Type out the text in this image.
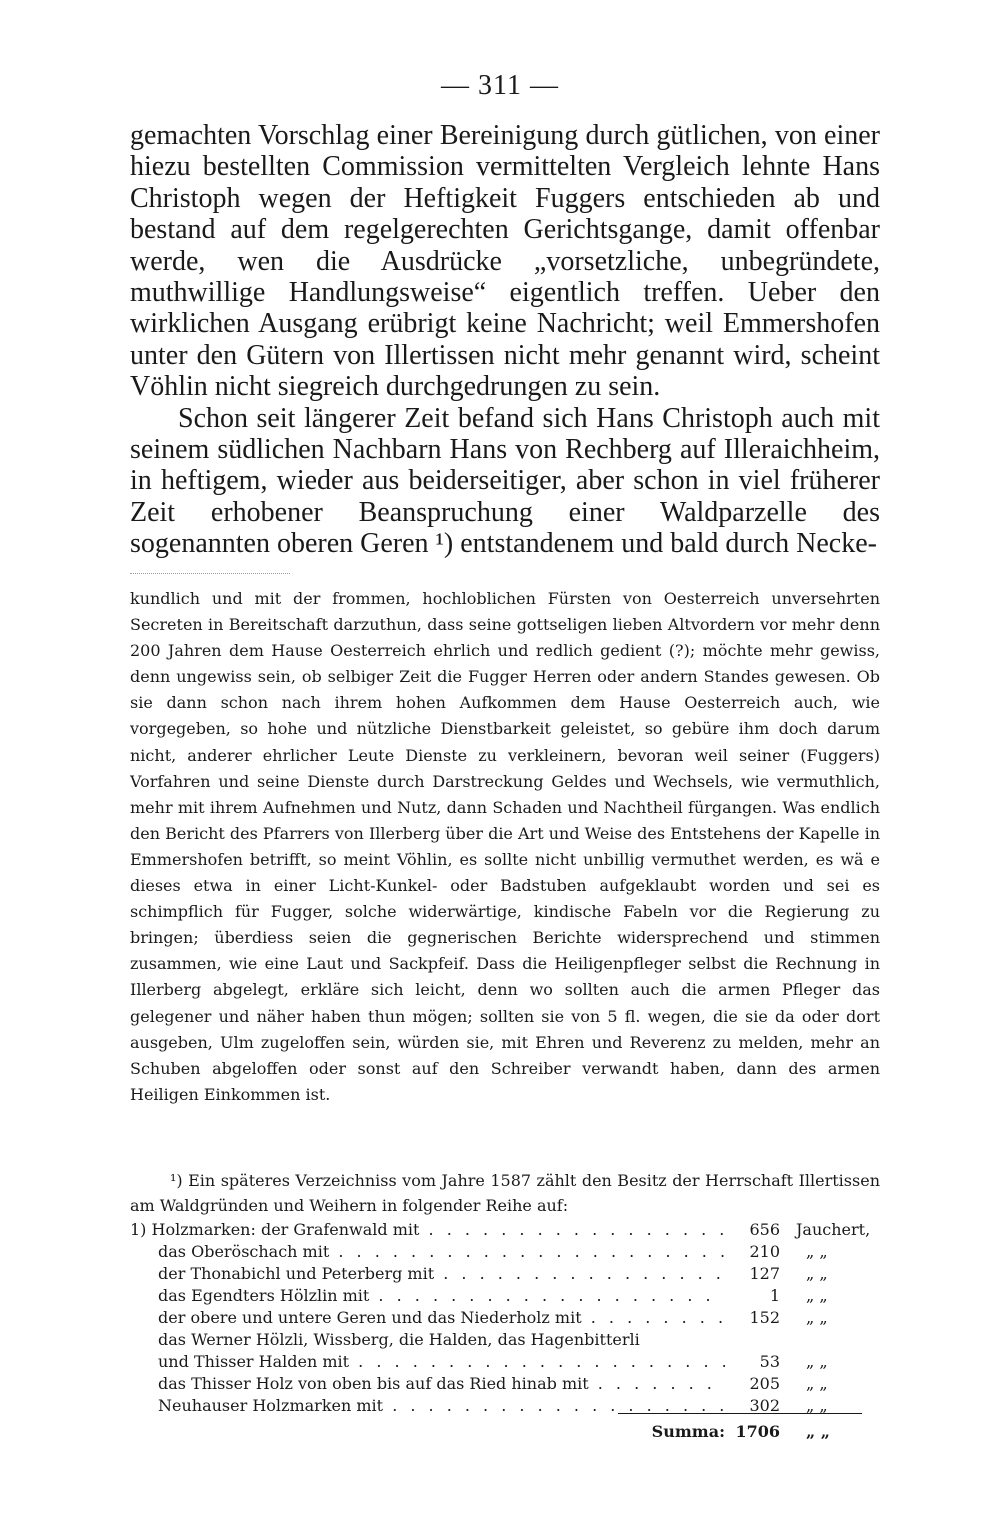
— 311 —

gemachten Vorschlag einer Bereinigung durch gütlichen, von einer hiezu bestellten Commission vermittelten Vergleich lehnte Hans Christoph wegen der Heftigkeit Fuggers entschieden ab und bestand auf dem regelgerechten Gerichtsgange, damit offenbar werde, wen die Ausdrücke „vorsetzliche, unbegründete, muthwillige Handlungsweise“ eigentlich treffen. Ueber den wirklichen Ausgang erübrigt keine Nachricht; weil Emmershofen unter den Gütern von Illertissen nicht mehr genannt wird, scheint Vöhlin nicht siegreich durchgedrungen zu sein.

Schon seit längerer Zeit befand sich Hans Christoph auch mit seinem südlichen Nachbarn Hans von Rechberg auf Illeraichheim, in heftigem, wieder aus beiderseitiger, aber schon in viel früherer Zeit erhobener Beanspruchung einer Waldparzelle des sogenannten oberen Geren ¹) entstandenem und bald durch Necke-

kundlich und mit der frommen, hochloblichen Fürsten von Oesterreich unversehrten Secreten in Bereitschaft darzuthun, dass seine gottseligen lieben Altvordern vor mehr denn 200 Jahren dem Hause Oesterreich ehrlich und redlich gedient (?); möchte mehr gewiss, denn ungewiss sein, ob selbiger Zeit die Fugger Herren oder andern Standes gewesen. Ob sie dann schon nach ihrem hohen Aufkommen dem Hause Oesterreich auch, wie vorgegeben, so hohe und nützliche Dienstbarkeit geleistet, so gebüre ihm doch darum nicht, anderer ehrlicher Leute Dienste zu verkleinern, bevoran weil seiner (Fuggers) Vorfahren und seine Dienste durch Darstreckung Geldes und Wechsels, wie vermuthlich, mehr mit ihrem Aufnehmen und Nutz, dann Schaden und Nachtheil fürgangen. Was endlich den Bericht des Pfarrers von Illerberg über die Art und Weise des Entstehens der Kapelle in Emmershofen betrifft, so meint Vöhlin, es sollte nicht unbillig vermuthet werden, es wä e dieses etwa in einer Licht-Kunkel- oder Badstuben aufgeklaubt worden und sei es schimpflich für Fugger, solche widerwärtige, kindische Fabeln vor die Regierung zu bringen; überdiess seien die gegnerischen Berichte widersprechend und stimmen zusammen, wie eine Laut und Sackpfeif. Dass die Heiligenpfleger selbst die Rechnung in Illerberg abgelegt, erkläre sich leicht, denn wo sollten auch die armen Pfleger das gelegener und näher haben thun mögen; sollten sie von 5 fl. wegen, die sie da oder dort ausgeben, Ulm zugeloffen sein, würden sie, mit Ehren und Reverenz zu melden, mehr an Schuben abgeloffen oder sonst auf den Schreiber verwandt haben, dann des armen Heiligen Einkommen ist.

¹) Ein späteres Verzeichniss vom Jahre 1587 zählt den Besitz der Herrschaft Illertissen am Waldgründen und Weihern in folgender Reihe auf:

1) Holzmarken: der Grafenwald mit . . .	656 Jauchert,
das Oberöschach mit . . .	210 „ „
der Thonabichl und Peterberg mit . . .	127 „ „
das Egendters Hölzlin mit . . .	1 „ „
der obere und untere Geren und das Niederholz mit . . .	152 „ „
das Werner Hölzli, Wissberg, die Halden, das Hagenbitterli
und Thisser Halden mit . . .	53 „ „
das Thisser Holz von oben bis auf das Ried hinab mit . . .	205 „ „
Neuhauser Holzmarken mit . . .	302 „ „
Summa: 1706 „ „
